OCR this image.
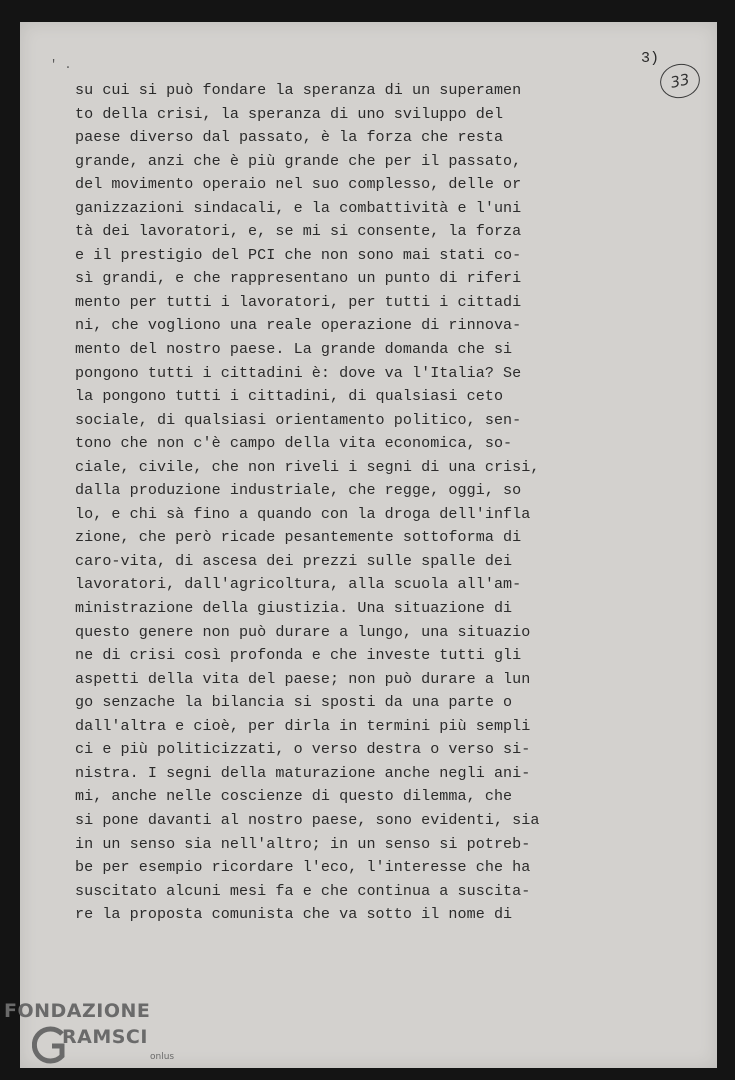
' .	3)
33
su cui si può fondare la speranza di un superamen
to della crisi, la speranza di uno sviluppo del
paese diverso dal passato, è la forza che resta
grande, anzi che è più grande che per il passato,
del movimento operaio nel suo complesso, delle or
ganizzazioni sindacali, e la combattività e l'uni
tà dei lavoratori, e, se mi si consente, la forza
e il prestigio del PCI che non sono mai stati co-
sì grandi, e che rappresentano un punto di riferi
mento per tutti i lavoratori, per tutti i cittadi
ni, che vogliono una reale operazione di rinnova-
mento del nostro paese. La grande domanda che si
pongono tutti i cittadini è: dove va l'Italia? Se
la pongono tutti i cittadini, di qualsiasi ceto
sociale, di qualsiasi orientamento politico, sen-
tono che non c'è campo della vita economica, so-
ciale, civile, che non riveli i segni di una crisi,
dalla produzione industriale, che regge, oggi, so
lo, e chi sà fino a quando con la droga dell'infla
zione, che però ricade pesantemente sottoforma di
caro-vita, di ascesa dei prezzi sulle spalle dei
lavoratori, dall'agricoltura, alla scuola all'am-
ministrazione della giustizia. Una situazione di
questo genere non può durare a lungo, una situazio
ne di crisi così profonda e che investe tutti gli
aspetti della vita del paese; non può durare a lun
go senzache la bilancia si sposti da una parte o
dall'altra e cioè, per dirla in termini più sempli
ci e più politicizzati, o verso destra o verso si-
nistra. I segni della maturazione anche negli ani-
mi, anche nelle coscienze di questo dilemma, che
si pone davanti al nostro paese, sono evidenti, sia
in un senso sia nell'altro; in un senso si potreb-
be per esempio ricordare l'eco, l'interesse che ha
suscitato alcuni mesi fa e che continua a suscita-
re la proposta comunista che va sotto il nome di
FONDAZIONE
RAMSCI
onlus
